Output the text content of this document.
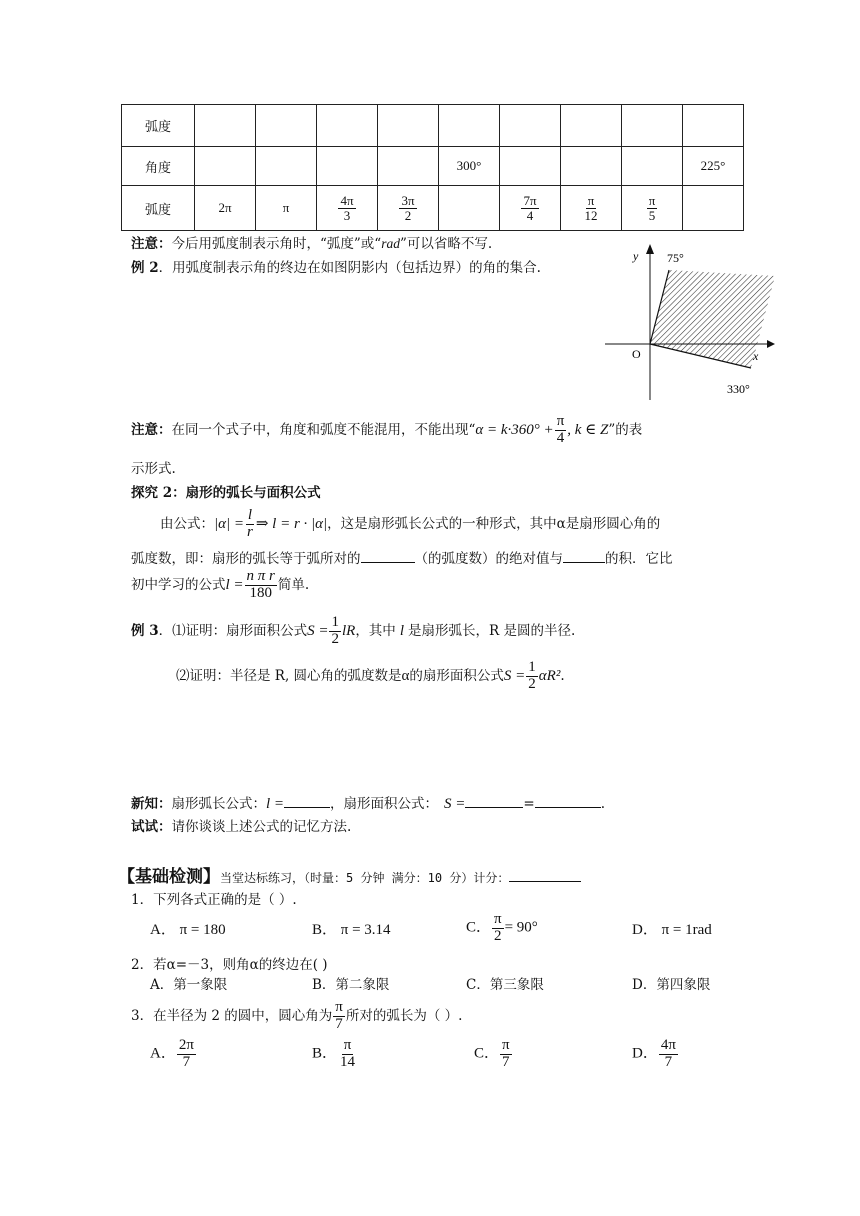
弧度									
角度					300°				225°
弧度	2π	π	$\frac{4\pi}{3}$	$\frac{3\pi}{2}$		$\frac{7\pi}{4}$	$\frac{\pi}{12}$	$\frac{\pi}{5}$

注意：今后用弧度制表示角时，“弧度”或“rad”可以省略不写.
例 2．用弧度制表示角的终边在如图阴影内（包括边界）的角的集合.
y
x
O
75°
330°
注意：在同一个式子中，角度和弧度不能混用，不能出现“$\alpha = k\cdot 360^\circ + \frac{\pi}{4}$ , k ∈ Z”的表
示形式.
探究 2：扇形的弧长与面积公式
由公式：$|\alpha| = \frac{l}{r}$ ⇒ l = r · |α|，这是扇形弧长公式的一种形式，其中α是扇形圆心角的
弧度数，即：扇形的弧长等于弧所对的	（的弧度数）的绝对值与	的积．它比
初中学习的公式$l = \frac{\text{n π r}}{180}$ 简单.
例 3．⑴证明：扇形面积公式$S = \frac{1}{2}$ lR，其中 l 是扇形弧长，R 是圆的半径.
⑵证明：半径是 R, 圆心角的弧度数是α的扇形面积公式$S = \frac{1}{2} \alpha R^2$.
新知：扇形弧长公式：l =	，扇形面积公式： S =	=	.
试试：请你谈谈上述公式的记忆方法.
【基础检测】当堂达标练习，（时量：5 分钟 满分：10 分）计分：
1．下列各式正确的是（ ）.
A． π = 180	B． π = 3.14	C． $\frac{\pi}{2} = 90^\circ$	D． π = 1rad
2．若α=－3，则角α的终边在( )
A．第一象限	B．第二象限	C．第三象限	D．第四象限
3．在半径为 2 的圆中，圆心角为 $\frac{\pi}{7}$ 所对的弧长为（ ）.
A． $\frac{2\pi}{7}$	B． $\frac{\pi}{14}$	C． $\frac{\pi}{7}$	D． $\frac{4\pi}{7}$
